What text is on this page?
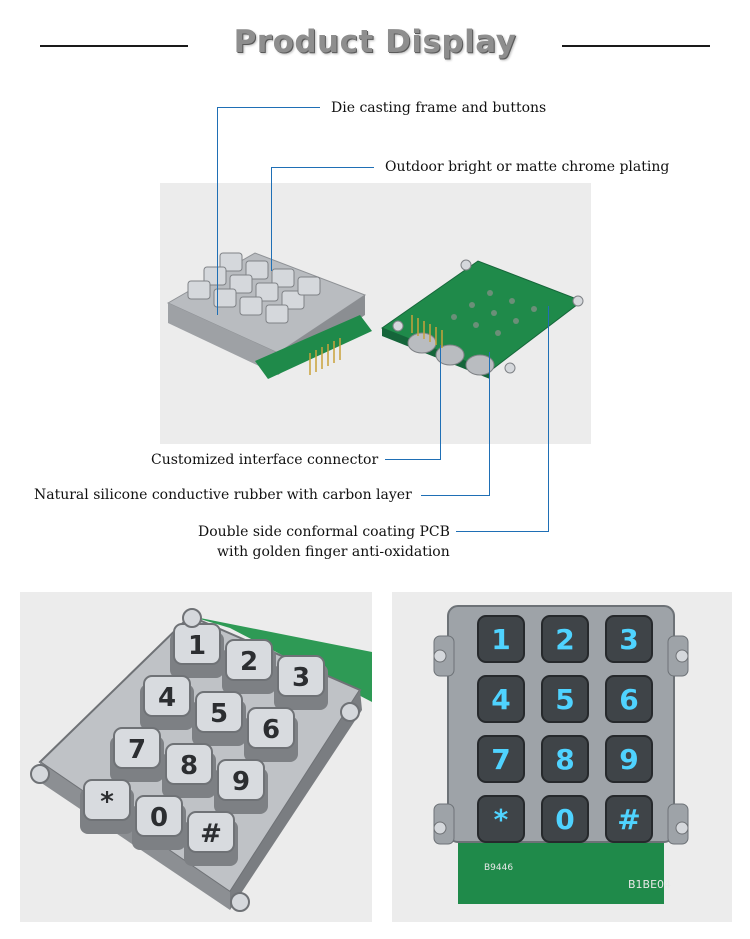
Product Display
Die casting frame and buttons
Outdoor bright or matte chrome plating
Customized interface connector
Natural silicone conductive rubber with carbon layer
Double side conformal coating PCB
with golden finger anti-oxidation
1
2
3
4
5
6
7
8
9
*
0
#
B1BE04
B9446
1 2 3
4 5 6
7 8 9
* 0 #
